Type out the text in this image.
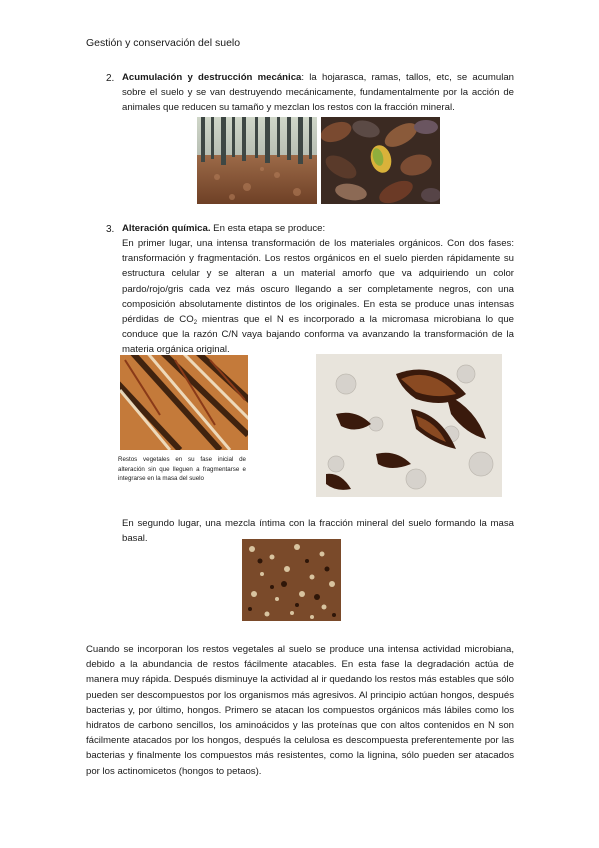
Gestión y conservación del suelo
2. Acumulación y destrucción mecánica: la hojarasca, ramas, tallos, etc, se acumulan sobre el suelo y se van destruyendo mecánicamente, fundamentalmente por la acción de animales que reducen su tamaño y mezclan los restos con la fracción mineral.
3. Alteración química. En esta etapa se produce:
En primer lugar, una intensa transformación de los materiales orgánicos. Con dos fases: transformación y fragmentación. Los restos orgánicos en el suelo pierden rápidamente su estructura celular y se alteran a un material amorfo que va adquiriendo un color pardo/rojo/gris cada vez más oscuro llegando a ser completamente negros, con una composición absolutamente distintos de los originales. En esta se produce unas intensas pérdidas de $CO_2$ mientras que el N es incorporado a la micromasa microbiana lo que conduce que la razón C/N vaya bajando conforma va avanzando la transformación de la materia orgánica original.
Restos vegetales en su fase inicial de alteración sin que lleguen a fragmentarse e integrarse en la masa del suelo
En segundo lugar, una mezcla íntima con la fracción mineral del suelo formando la masa basal.
Cuando se incorporan los restos vegetales al suelo se produce una intensa actividad microbiana, debido a la abundancia de restos fácilmente atacables. En esta fase la degradación actúa de manera muy rápida. Después disminuye la actividad al ir quedando los restos más estables que sólo pueden ser descompuestos por los organismos más agresivos. Al principio actúan hongos, después bacterias y, por último, hongos. Primero se atacan los compuestos orgánicos más lábiles como los hidratos de carbono sencillos, los aminoácidos y las proteínas que con altos contenidos en N son fácilmente atacados por los hongos, después la celulosa es descompuesta preferentemente por las bacterias y finalmente los compuestos más resistentes, como la lignina, sólo pueden ser atacados por los actinomicetos (hongos to petaos).
